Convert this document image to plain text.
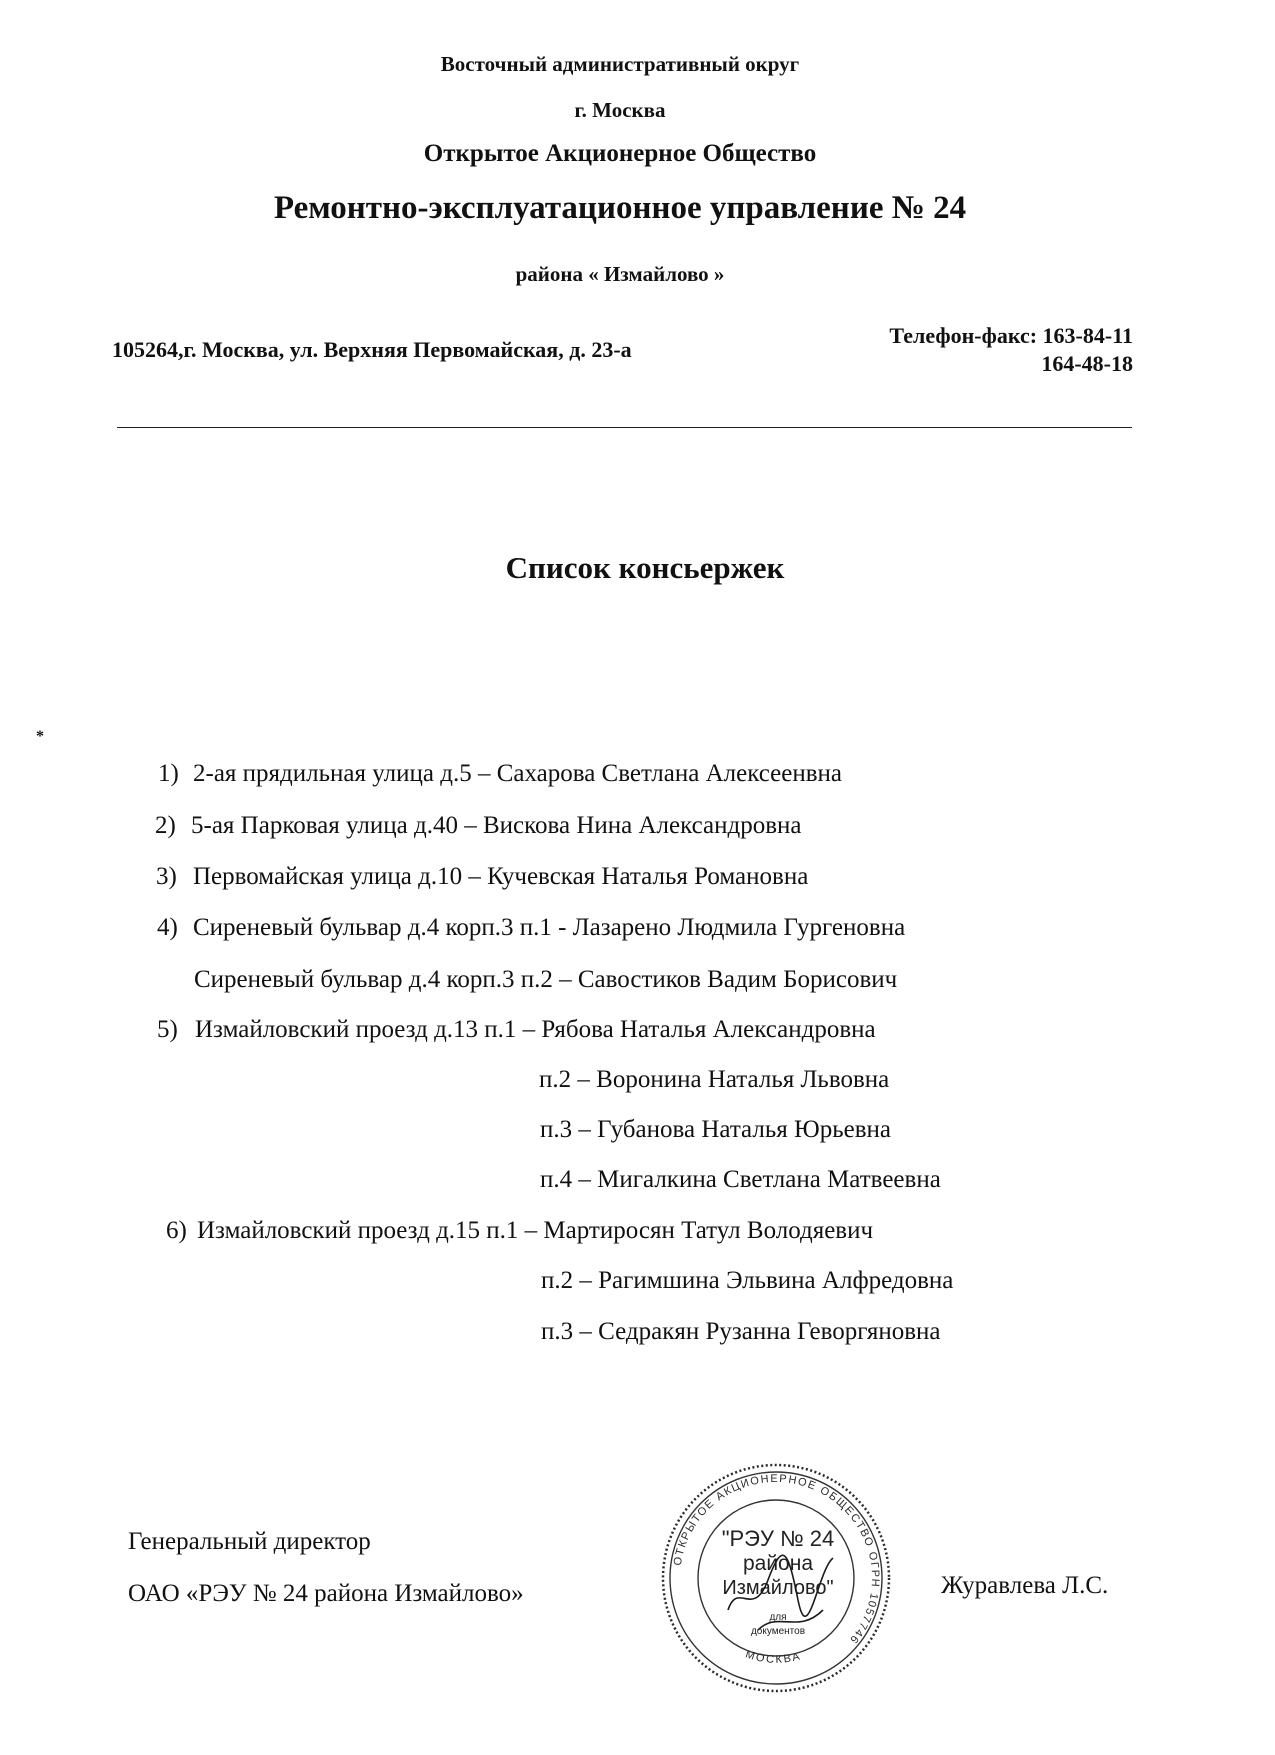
Восточный административный округ
г. Москва
Открытое Акционерное Общество
Ремонтно-эксплуатационное управление № 24
района « Измайлово »
105264,г. Москва, ул. Верхняя Первомайская, д. 23-а
Телефон-факс: 163-84-11
164-48-18
Список консьержек
*
1) 2-ая прядильная улица д.5 – Сахарова Светлана Алексеенвна
2) 5-ая Парковая улица д.40 – Вискова Нина Александровна
3) Первомайская улица д.10 – Кучевская Наталья Романовна
4) Сиреневый бульвар д.4 корп.3 п.1 - Лазарено Людмила Гургеновна
Сиреневый бульвар д.4 корп.3 п.2 – Савостиков Вадим Борисович
5) Измайловский проезд д.13 п.1 – Рябова Наталья Александровна
п.2 – Воронина Наталья Львовна
п.3 – Губанова Наталья Юрьевна
п.4 – Мигалкина Светлана Матвеевна
6) Измайловский проезд д.15 п.1 – Мартиросян Татул Володяевич
п.2 – Рагимшина Эльвина Алфредовна
п.3 – Седракян Рузанна Геворгяновна
Генеральный директор
ОАО «РЭУ № 24 района Измайлово»	Журавлева Л.С.
ОТКРЫТОЕ АКЦИОНЕРНОЕ ОБЩЕСТВО ОГРН 1057746
МОСКВА
"РЭУ № 24
района
Измайлово"
для
документов
